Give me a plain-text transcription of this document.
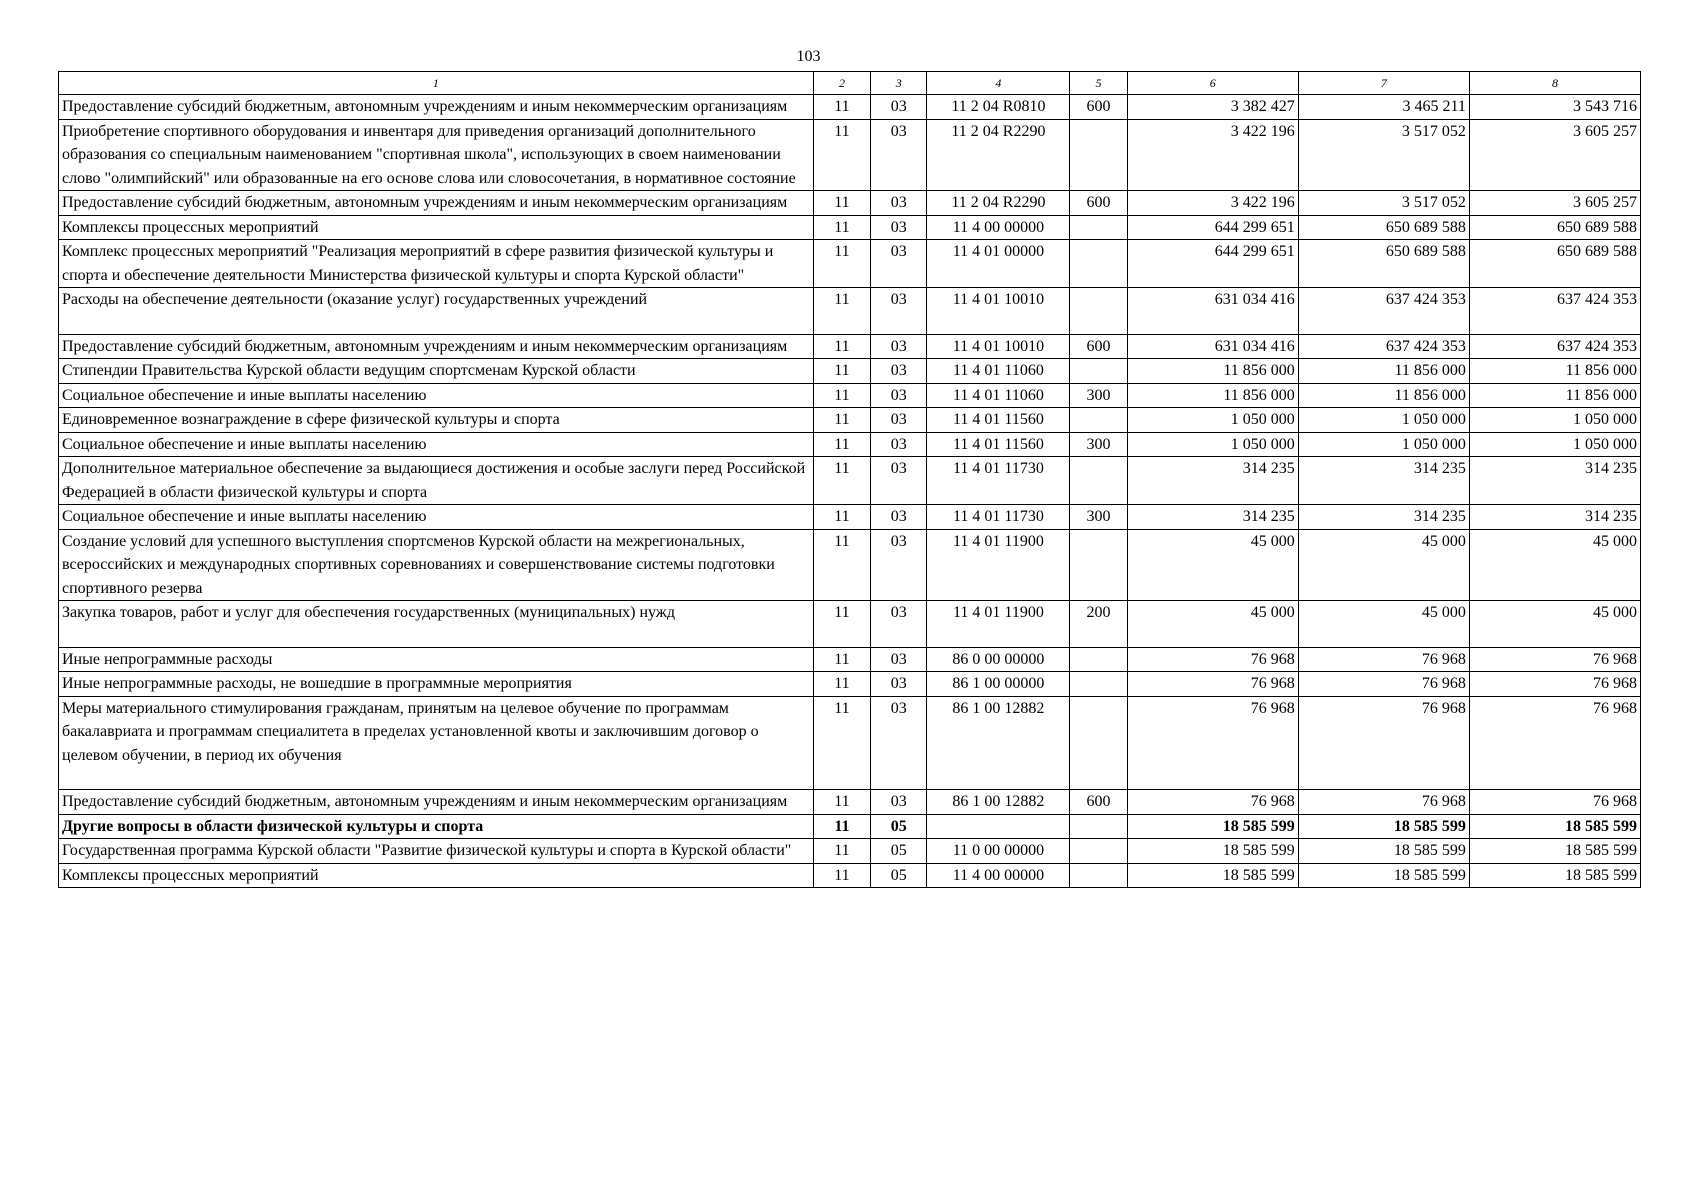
103
1	2	3	4	5	6	7	8
Предоставление субсидий бюджетным, автономным учреждениям и иным некоммерческим организациям	11	03	11 2 04 R0810	600	3 382 427	3 465 211	3 543 716
Приобретение спортивного оборудования и инвентаря для приведения организаций дополнительного образования со специальным наименованием "спортивная школа", использующих в своем наименовании слово "олимпийский" или образованные на его основе слова или словосочетания, в нормативное состояние	11	03	11 2 04 R2290		3 422 196	3 517 052	3 605 257
Предоставление субсидий бюджетным, автономным учреждениям и иным некоммерческим организациям	11	03	11 2 04 R2290	600	3 422 196	3 517 052	3 605 257
Комплексы процессных мероприятий	11	03	11 4 00 00000		644 299 651	650 689 588	650 689 588
Комплекс процессных мероприятий "Реализация мероприятий в сфере развития физической культуры и спорта и обеспечение деятельности Министерства физической культуры и спорта Курской области"	11	03	11 4 01 00000		644 299 651	650 689 588	650 689 588
Расходы на обеспечение деятельности (оказание услуг) государственных учреждений	11	03	11 4 01 10010		631 034 416	637 424 353	637 424 353
Предоставление субсидий бюджетным, автономным учреждениям и иным некоммерческим организациям	11	03	11 4 01 10010	600	631 034 416	637 424 353	637 424 353
Стипендии Правительства Курской области ведущим спортсменам Курской области	11	03	11 4 01 11060		11 856 000	11 856 000	11 856 000
Социальное обеспечение и иные выплаты населению	11	03	11 4 01 11060	300	11 856 000	11 856 000	11 856 000
Единовременное вознаграждение в сфере физической культуры и спорта	11	03	11 4 01 11560		1 050 000	1 050 000	1 050 000
Социальное обеспечение и иные выплаты населению	11	03	11 4 01 11560	300	1 050 000	1 050 000	1 050 000
Дополнительное материальное обеспечение за выдающиеся достижения и особые заслуги перед Российской Федерацией в области физической культуры и спорта	11	03	11 4 01 11730		314 235	314 235	314 235
Социальное обеспечение и иные выплаты населению	11	03	11 4 01 11730	300	314 235	314 235	314 235
Создание условий для успешного выступления спортсменов Курской области на межрегиональных, всероссийских и международных спортивных соревнованиях и совершенствование системы подготовки спортивного резерва	11	03	11 4 01 11900		45 000	45 000	45 000
Закупка товаров, работ и услуг для обеспечения государственных (муниципальных) нужд	11	03	11 4 01 11900	200	45 000	45 000	45 000
Иные непрограммные расходы	11	03	86 0 00 00000		76 968	76 968	76 968
Иные непрограммные расходы, не вошедшие в программные мероприятия	11	03	86 1 00 00000		76 968	76 968	76 968
Меры материального стимулирования гражданам, принятым на целевое обучение по программам бакалавриата и программам специалитета в пределах установленной квоты и заключившим договор о целевом обучении, в период их обучения	11	03	86 1 00 12882		76 968	76 968	76 968
Предоставление субсидий бюджетным, автономным учреждениям и иным некоммерческим организациям	11	03	86 1 00 12882	600	76 968	76 968	76 968
Другие вопросы в области физической культуры и спорта	11	05			18 585 599	18 585 599	18 585 599
Государственная программа Курской области "Развитие физической культуры и спорта в Курской области"	11	05	11 0 00 00000		18 585 599	18 585 599	18 585 599
Комплексы процессных мероприятий	11	05	11 4 00 00000		18 585 599	18 585 599	18 585 599
